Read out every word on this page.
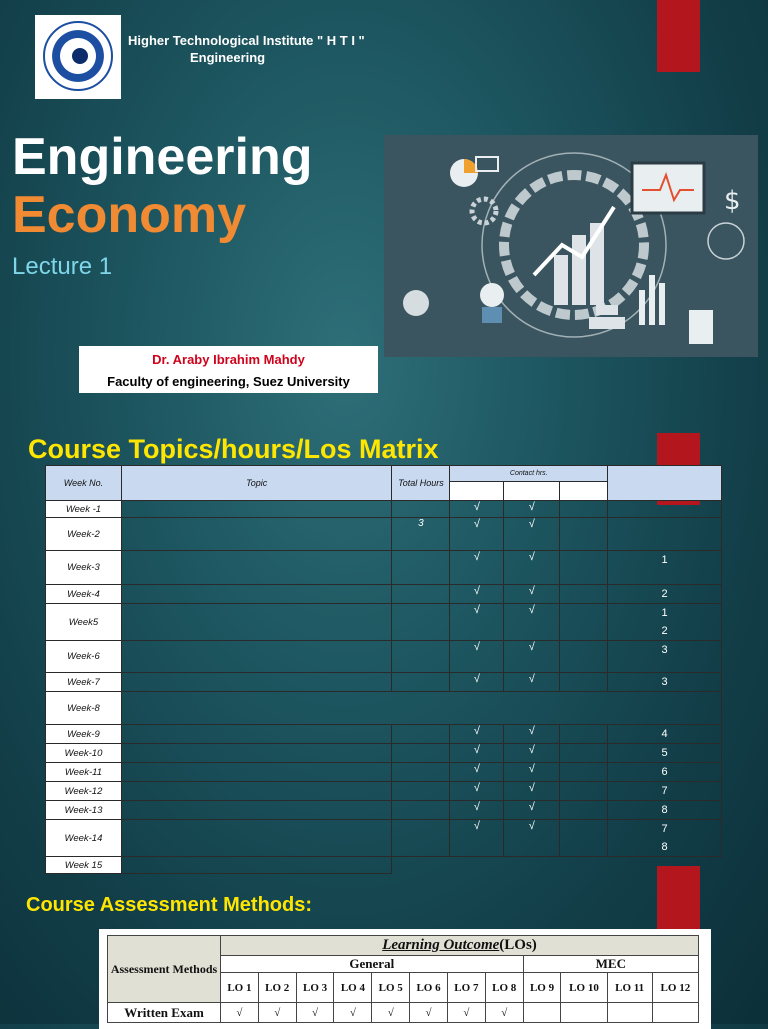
Higher Technological Institute " H T I "
Engineering
Engineering
Economy
Lecture 1
$
Dr. Araby Ibrahim Mahdy
Faculty of engineering, Suez University
Course Topics/hours/Los Matrix
Week No.	Topic	Total Hours	Contact hrs.			

Week -1			√	√		
Week-2		3	√	√		
Week-3			√	√		1
Week-4			√	√		2
Week5			√	√		1
2
Week-6			√	√		3
Week-7			√	√		3
Week-8						
Week-9			√	√		4
Week-10			√	√		5
Week-11			√	√		6
Week-12			√	√		7
Week-13			√	√		8
Week-14			√	√		7
8
Week 15						
Course Assessment Methods:
Assessment Methods	Learning Outcome(LOs)											
	General								MEC			
	LO 1	LO 2	LO 3	LO 4	LO 5	LO 6	LO 7	LO 8	LO 9	LO 10	LO 11	LO 12
Written Exam	√	√	√	√	√	√	√	√				
